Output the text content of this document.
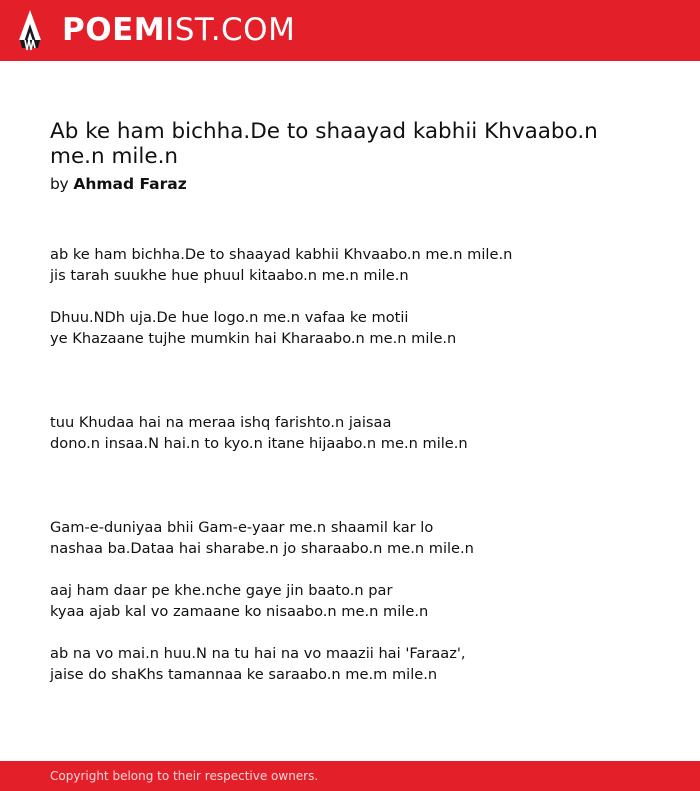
POEMIST.COM
Ab ke ham bichha.De to shaayad kabhii Khvaabo.n me.n mile.n
by Ahmad Faraz

ab ke ham bichha.De to shaayad kabhii Khvaabo.n me.n mile.n
jis tarah suukhe hue phuul kitaabo.n me.n mile.n

Dhuu.NDh uja.De hue logo.n me.n vafaa ke motii
ye Khazaane tujhe mumkin hai Kharaabo.n me.n mile.n

tuu Khudaa hai na meraa ishq farishto.n jaisaa
dono.n insaa.N hai.n to kyo.n itane hijaabo.n me.n mile.n

Gam-e-duniyaa bhii Gam-e-yaar me.n shaamil kar lo
nashaa ba.Dataa hai sharabe.n jo sharaabo.n me.n mile.n

aaj ham daar pe khe.nche gaye jin baato.n par
kyaa ajab kal vo zamaane ko nisaabo.n me.n mile.n

ab na vo mai.n huu.N na tu hai na vo maazii hai 'Faraaz',
jaise do shaKhs tamannaa ke saraabo.n me.m mile.n

Copyright belong to their respective owners.
